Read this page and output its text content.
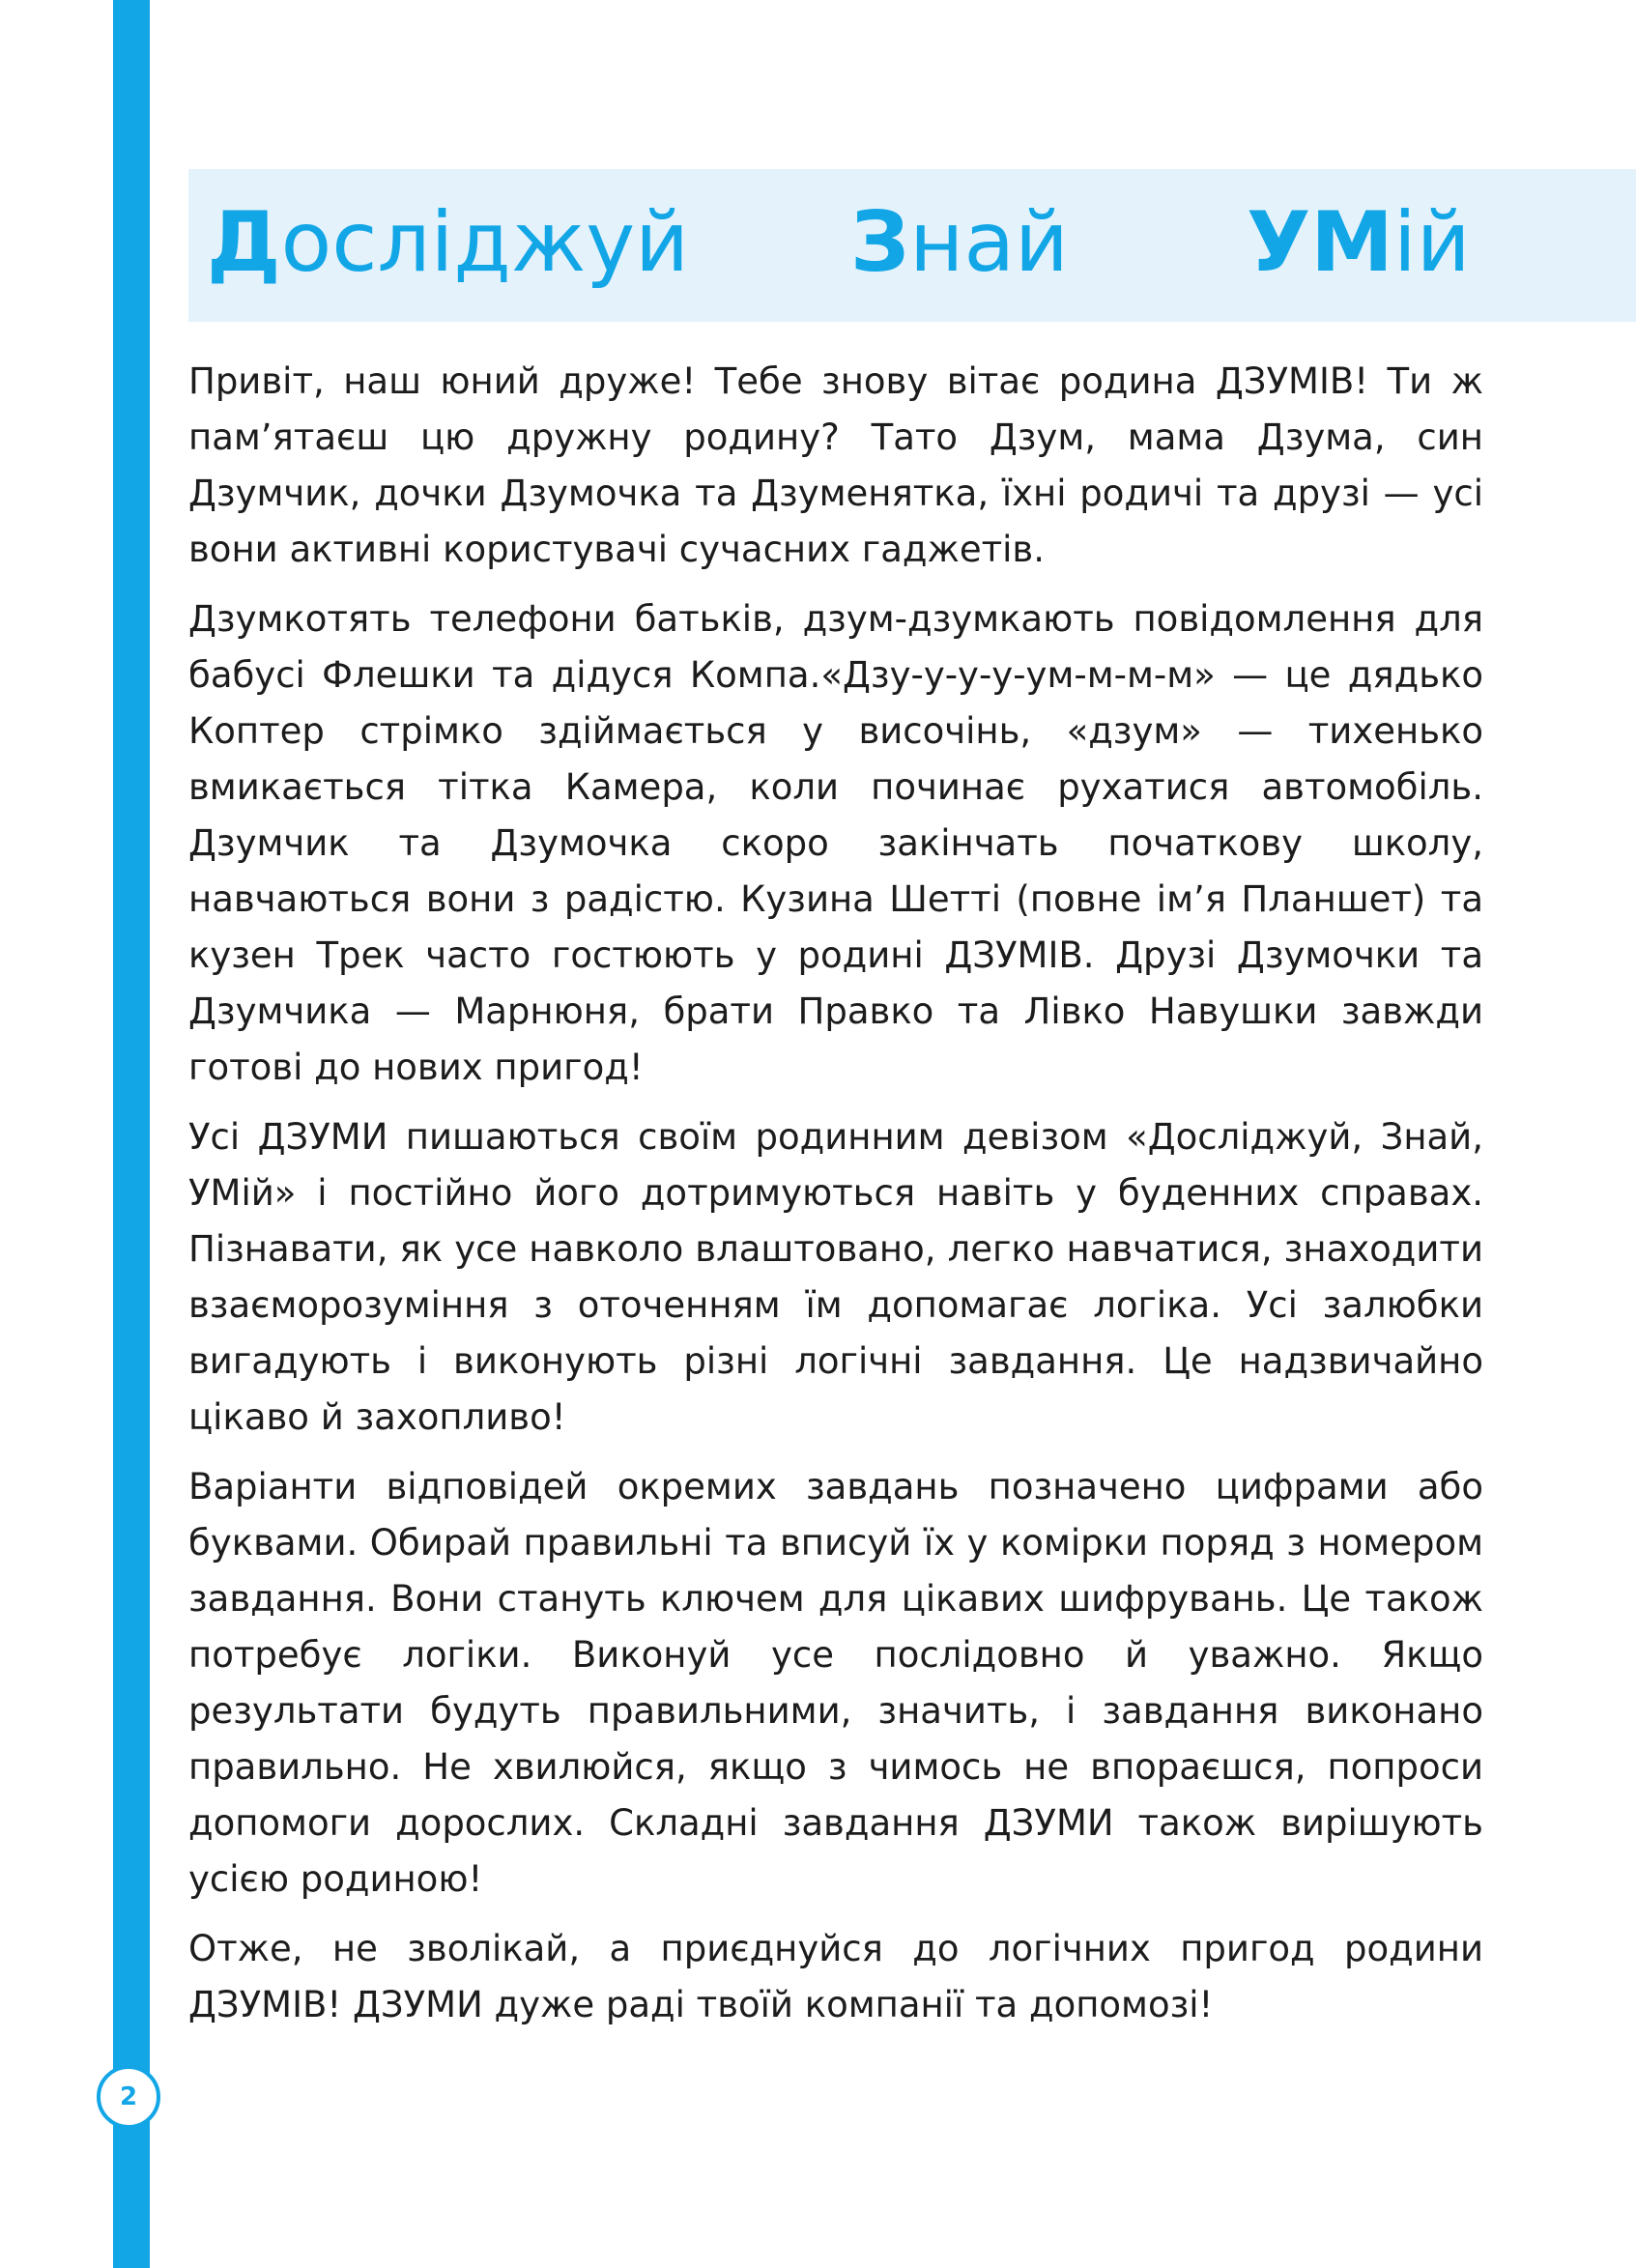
Досліджуй Знай УМій

Привіт, наш юний друже! Тебе знову вітає родина ДЗУМІВ! Ти ж пам’ятаєш цю дружну родину? Тато Дзум, мама Дзума, син Дзумчик, дочки Дзумочка та Дзуменятка, їхні родичі та друзі — усі вони активні користувачі сучасних гаджетів.

Дзумкотять телефони батьків, дзум-дзумкають повідомлення для бабусі Флешки та дідуся Компа.«Дзу-у-у-у-ум-м-м-м» — це дядько Коптер стрімко здіймається у височінь, «дзум» — тихенько вмикається тітка Камера, коли починає рухатися автомобіль. Дзумчик та Дзумочка скоро закінчать початкову школу, навчаються вони з радістю. Кузина Шетті (повне ім’я Планшет) та кузен Трек часто гостюють у родині ДЗУМІВ. Друзі Дзумочки та Дзумчика — Марнюня, брати Правко та Лівко Навушки завжди готові до нових пригод!

Усі ДЗУМИ пишаються своїм родинним девізом «Досліджуй, Знай, УМій» і постійно його дотримуються навіть у буденних справах. Пізнавати, як усе навколо влаштовано, легко навчатися, знаходити взаєморозуміння з оточенням їм допомагає логіка. Усі залюбки вигадують і виконують різні логічні завдання. Це надзвичайно цікаво й захопливо!

Варіанти відповідей окремих завдань позначено цифрами або буквами. Обирай правильні та вписуй їх у комірки поряд з номером завдання. Вони стануть ключем для цікавих шифрувань. Це також потребує логіки. Виконуй усе послідовно й уважно. Якщо результати будуть правильними, значить, і завдання виконано правильно. Не хвилюйся, якщо з чимось не впораєшся, попроси допомоги дорослих. Складні завдання ДЗУМИ також вирішують усією родиною!

Отже, не зволікай, а приєднуйся до логічних пригод родини ДЗУМІВ! ДЗУМИ дуже раді твоїй компанії та допомозі!

2
